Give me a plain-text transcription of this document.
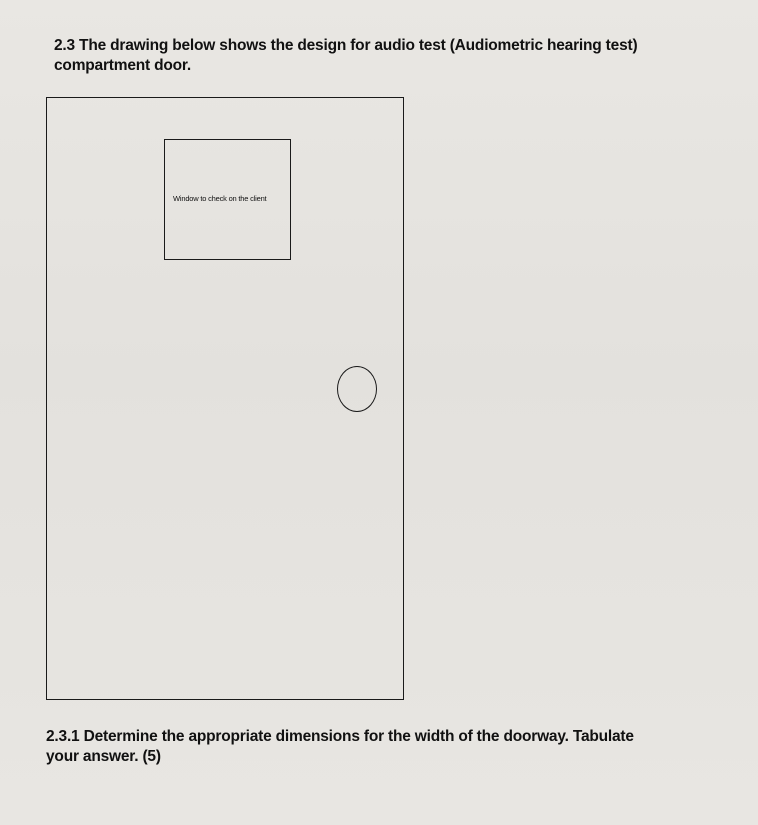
2.3 The drawing below shows the design for audio test (Audiometric hearing test)
compartment door.
Window to check on the client
2.3.1 Determine the appropriate dimensions for the width of the doorway. Tabulate
your answer. (5)
